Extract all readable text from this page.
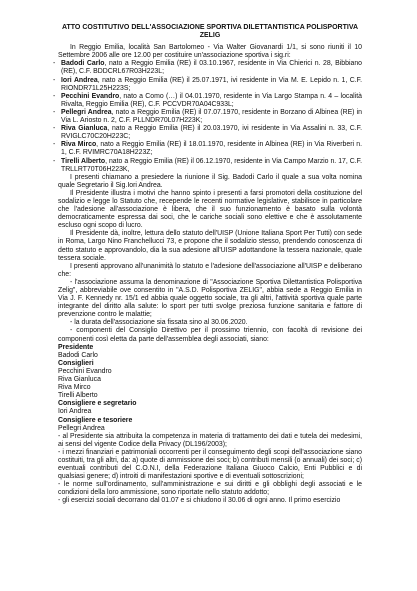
ATTO COSTITUTIVO DELL'ASSOCIAZIONE SPORTIVA DILETTANTISTICA POLISPORTIVA ZELIG

In Reggio Emilia, località San Bartolomeo - Via Walter Giovanardi 1/1, si sono riuniti il 10 Settembre 2006 alle ore 12.00 per costituire un'associazione sportiva i sig.ri:

- Badodi Carlo, nato a Reggio Emilia (RE) il 03.10.1967, residente in Via Chierici n. 28, Bibbiano (RE), C.F. BDDCRL67R03H223L;

- Iori Andrea, nato a Reggio Emilia (RE) il 25.07.1971, ivi residente in Via M. E. Lepido n. 1, C.F. RIONDR71L25H223S;

- Pecchini Evandro, nato a Como (…) il 04.01.1970, residente in Via Largo Stampa n. 4 – località Rivalta, Reggio Emilia (RE), C.F. PCCVDR70A04C933L;

- Pellegri Andrea, nato a Reggio Emilia (RE) il 07.07.1970, residente in Borzano di Albinea (RE) in Via L. Ariosto n. 2, C.F. PLLNDR70L07H223K;

- Riva Gianluca, nato a Reggio Emilia (RE) il 20.03.1970, ivi residente in Via Assalini n. 33, C.F. RVIGLC70C20H223C;

- Riva Mirco, nato a Reggio Emilia (RE) il 18.01.1970, residente in Albinea (RE) in Via Riverberi n. 1, C.F. RVIMRC70A18H223Z;

- Tirelli Alberto, nato a Reggio Emilia (RE) il 06.12.1970, residente in Via Campo Marzio n. 17, C.F. TRLLRT70T06H223K,

I presenti chiamano a presiedere la riunione il Sig. Badodi Carlo il quale a sua volta nomina quale Segretario il Sig.Iori Andrea.

Il Presidente illustra i motivi che hanno spinto i presenti a farsi promotori della costituzione del sodalizio e legge lo Statuto che, recepende le recenti normative legislative, stabilisce in particolare che l'adesione all'associazione è libera, che il suo funzionamento è basato sulla volontà democraticamente espressa dai soci, che le cariche sociali sono elettive e che è assolutamente escluso ogni scopo di lucro.

Il Presidente dà, inoltre, lettura dello statuto dell'UISP (Unione Italiana Sport Per Tutti) con sede in Roma, Largo Nino Franchellucci 73, e propone che il sodalizio stesso, prendendo conoscenza di detto statuto e approvandolo, dia la sua adesione all'UISP adottandone la tessera nazionale, quale tessera sociale.

I presenti approvano all'unanimità lo statuto e l'adesione dell'associazione all'UISP e deliberano che:

- l'associazione assuma la denominazione di "Associazione Sportiva Dilettantistica Polisportiva Zelig", abbreviabile ove consentito in "A.S.D. Polisportiva ZELIG", abbia sede a Reggio Emilia in Via J. F. Kennedy nr. 15/1 ed abbia quale oggetto sociale, tra gli altri, l'attività sportiva quale parte integrante del diritto alla salute: lo sport per tutti svolge preziosa funzione sanitaria e fattore di prevenzione contro le malattie;

- la durata dell'associazione sia fissata sino al 30.06.2020.

- componenti del Consiglio Direttivo per il prossimo triennio, con facoltà di revisione dei componenti così eletta da parte dell'assemblea degli associati, siano:

Presidente

Badodi Carlo

Consiglieri

Pecchini Evandro

Riva Gianluca

Riva Mirco

Tirelli Alberto

Consigliere e segretario

Iori Andrea

Consigliere e tesoriere

Pellegri Andrea

- al Presidente sia attribuita la competenza in materia di trattamento dei dati e tutela dei medesimi, ai sensi del vigente Codice della Privacy (DL196/2003);

- i mezzi finanziari e patrimoniali occorrenti per il conseguimento degli scopi dell'associazione siano costituiti, tra gli altri, da: a) quote di ammissione dei soci; b) contributi mensili (o annuali) dei soci; c) eventuali contributi del C.O.N.I, della Federazione Italiana Giuoco Calcio, Enti Pubblici e di qualsiasi genere; d) introiti di manifestazioni sportive e di eventuali sottoscrizioni;

- le norme sull'ordinamento, sull'amministrazione e sui diritti e gli obblighi degli associati e le condizioni della loro ammissione, sono riportate nello statuto addotto;

- gli esercizi sociali decorrano dal 01.07 e si chiudono il 30.06 di ogni anno. Il primo esercizio
